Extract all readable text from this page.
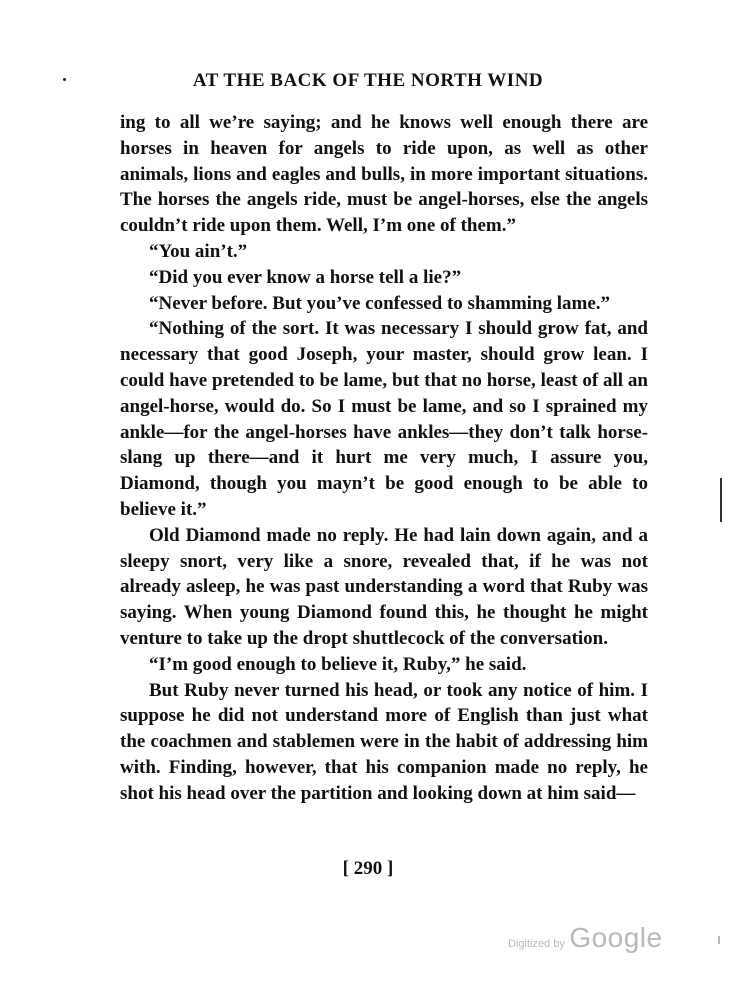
AT THE BACK OF THE NORTH WIND

ing to all we’re saying; and he knows well enough there are horses in heaven for angels to ride upon, as well as other animals, lions and eagles and bulls, in more important situations. The horses the angels ride, must be angel-horses, else the angels couldn’t ride upon them. Well, I’m one of them.”

“You ain’t.”

“Did you ever know a horse tell a lie?”

“Never before. But you’ve confessed to shamming lame.”

“Nothing of the sort. It was necessary I should grow fat, and necessary that good Joseph, your master, should grow lean. I could have pretended to be lame, but that no horse, least of all an angel-horse, would do. So I must be lame, and so I sprained my ankle—for the angel-horses have ankles—they don’t talk horse-slang up there—and it hurt me very much, I assure you, Diamond, though you mayn’t be good enough to be able to believe it.”

Old Diamond made no reply. He had lain down again, and a sleepy snort, very like a snore, revealed that, if he was not already asleep, he was past understanding a word that Ruby was saying. When young Diamond found this, he thought he might venture to take up the dropt shuttlecock of the conversation.

“I’m good enough to believe it, Ruby,” he said.

But Ruby never turned his head, or took any notice of him. I suppose he did not understand more of English than just what the coachmen and stablemen were in the habit of addressing him with. Finding, however, that his companion made no reply, he shot his head over the partition and looking down at him said—

[ 290 ]
Digitized by Google
